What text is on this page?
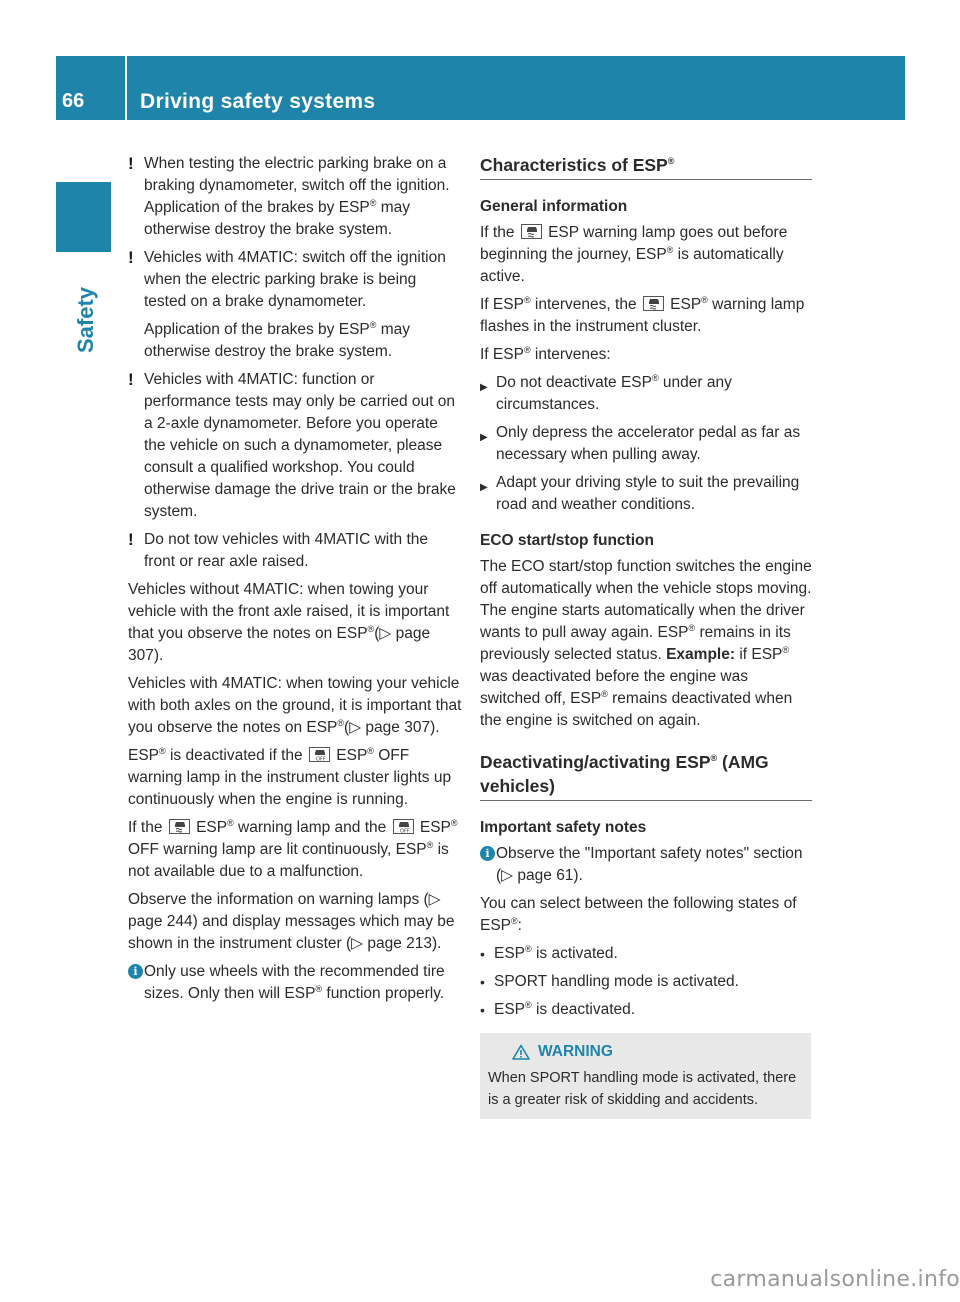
66	Driving safety systems
Safety

! When testing the electric parking brake on a braking dynamometer, switch off the ignition. Application of the brakes by ESP® may otherwise destroy the brake system.

! Vehicles with 4MATIC: switch off the ignition when the electric parking brake is being tested on a brake dynamometer.

Application of the brakes by ESP® may otherwise destroy the brake system.

! Vehicles with 4MATIC: function or performance tests may only be carried out on a 2-axle dynamometer. Before you operate the vehicle on such a dynamometer, please consult a qualified workshop. You could otherwise damage the drive train or the brake system.

! Do not tow vehicles with 4MATIC with the front or rear axle raised.

Vehicles without 4MATIC: when towing your vehicle with the front axle raised, it is important that you observe the notes on ESP®(▷ page 307).

Vehicles with 4MATIC: when towing your vehicle with both axles on the ground, it is important that you observe the notes on ESP®(▷ page 307).

ESP® is deactivated if the OFF ESP® OFF warning lamp in the instrument cluster lights up continuously when the engine is running.

If the
ESP® warning lamp and the OFF ESP® OFF warning lamp are lit continuously, ESP® is not available due to a malfunction.

Observe the information on warning lamps (▷ page 244) and display messages which may be shown in the instrument cluster (▷ page 213).

i Only use wheels with the recommended tire sizes. Only then will ESP® function properly.

Characteristics of ESP®
General information

If the
ESP warning lamp goes out before beginning the journey, ESP® is automatically active.

If ESP® intervenes, the
ESP® warning lamp flashes in the instrument cluster.

If ESP® intervenes:

▶ Do not deactivate ESP® under any circumstances.

▶ Only depress the accelerator pedal as far as necessary when pulling away.

▶ Adapt your driving style to suit the prevailing road and weather conditions.

ECO start/stop function

The ECO start/stop function switches the engine off automatically when the vehicle stops moving. The engine starts automatically when the driver wants to pull away again. ESP® remains in its previously selected status. Example: if ESP® was deactivated before the engine was switched off, ESP® remains deactivated when the engine is switched on again.

Deactivating/activating ESP® (AMG vehicles)
Important safety notes

i Observe the "Important safety notes" section (▷ page 61).

You can select between the following states of ESP®:

• ESP® is activated.

• SPORT handling mode is activated.

• ESP® is deactivated.

WARNING
When SPORT handling mode is activated, there is a greater risk of skidding and accidents.
carmanualsonline.info
